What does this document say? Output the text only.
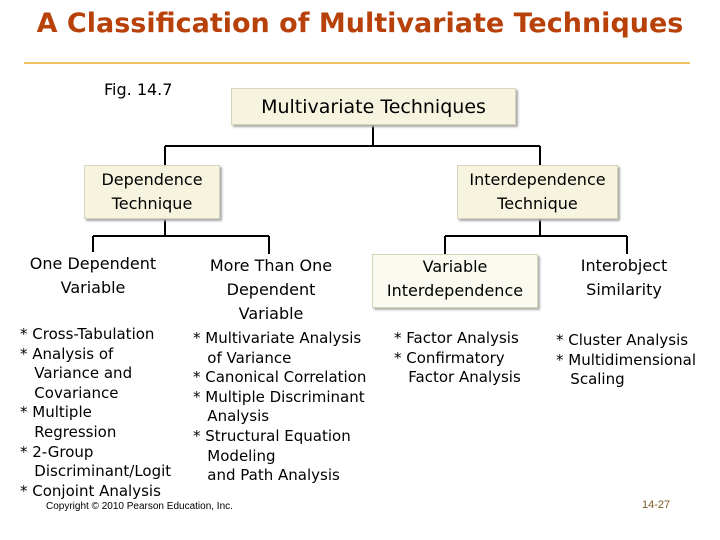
A Classification of Multivariate Techniques
Fig. 14.7
Multivariate Techniques
Dependence
Technique
Interdependence
Technique
One Dependent
Variable
More Than One
Dependent
Variable
Variable
Interdependence
Interobject
Similarity
* Cross-Tabulation
* Analysis of
Variance and
Covariance
* Multiple
Regression
* 2-Group
Discriminant/Logit
* Conjoint Analysis
* Multivariate Analysis
of Variance
* Canonical Correlation
* Multiple Discriminant
Analysis
* Structural Equation
Modeling
and Path Analysis
* Factor Analysis
* Confirmatory
Factor Analysis
* Cluster Analysis
* Multidimensional
Scaling
Copyright © 2010 Pearson Education, Inc.	14-27
